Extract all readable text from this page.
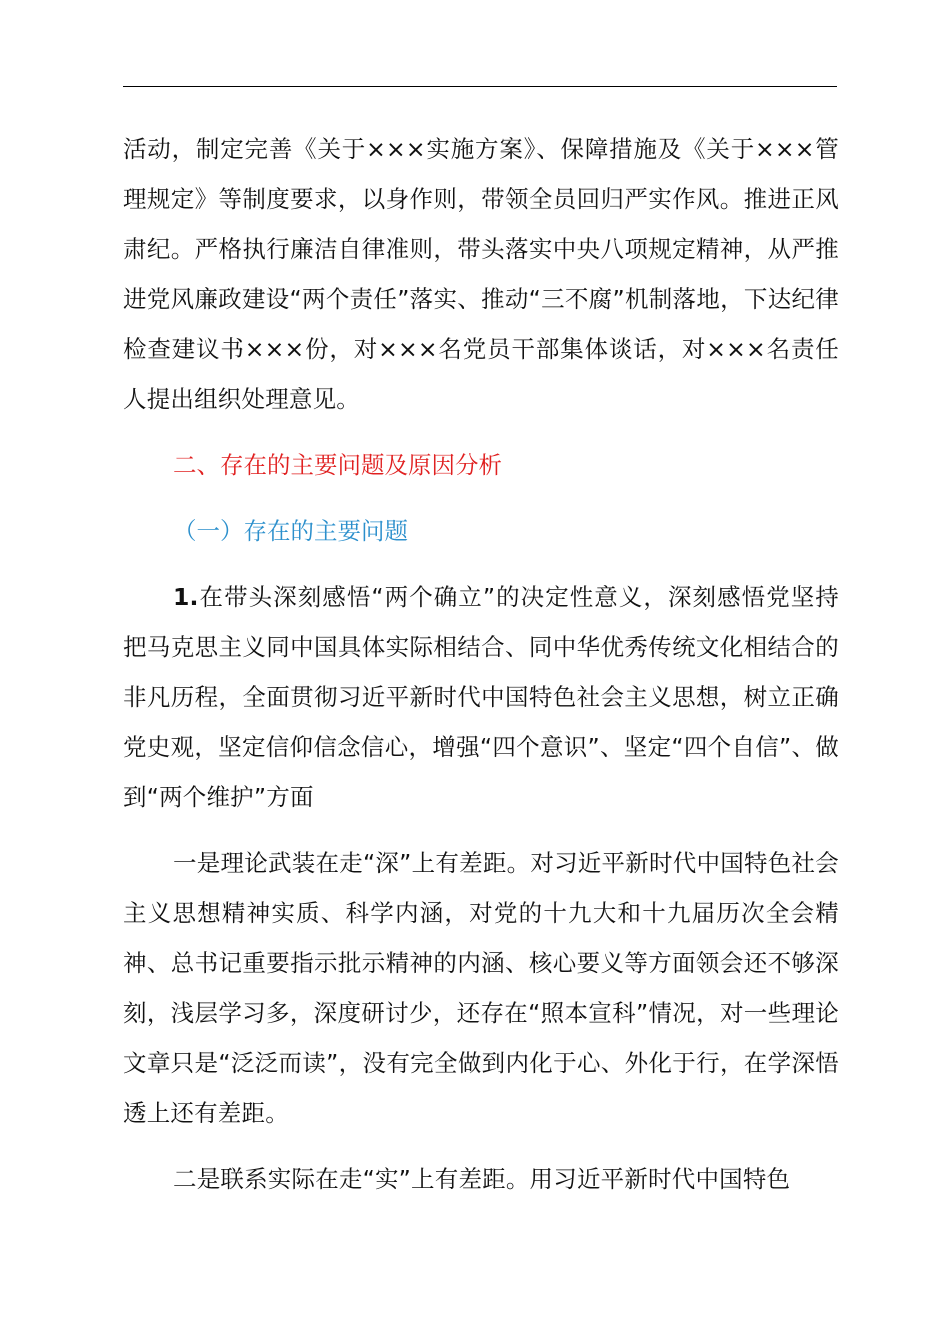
活动，制定完善《关于×××实施方案》、保障措施及《关于×××管理规定》等制度要求，以身作则，带领全员回归严实作风。推进正风肃纪。严格执行廉洁自律准则，带头落实中央八项规定精神，从严推进党风廉政建设“两个责任”落实、推动“三不腐”机制落地，下达纪律检查建议书×××份，对×××名党员干部集体谈话，对×××名责任人提出组织处理意见。

二、存在的主要问题及原因分析
（一）存在的主要问题

1.在带头深刻感悟“两个确立”的决定性意义，深刻感悟党坚持把马克思主义同中国具体实际相结合、同中华优秀传统文化相结合的非凡历程，全面贯彻习近平新时代中国特色社会主义思想，树立正确党史观，坚定信仰信念信心，增强“四个意识”、坚定“四个自信”、做到“两个维护”方面

一是理论武装在走“深”上有差距。对习近平新时代中国特色社会主义思想精神实质、科学内涵，对党的十九大和十九届历次全会精神、总书记重要指示批示精神的内涵、核心要义等方面领会还不够深刻，浅层学习多，深度研讨少，还存在“照本宣科”情况，对一些理论文章只是“泛泛而读”，没有完全做到内化于心、外化于行，在学深悟透上还有差距。

二是联系实际在走“实”上有差距。用习近平新时代中国特色
